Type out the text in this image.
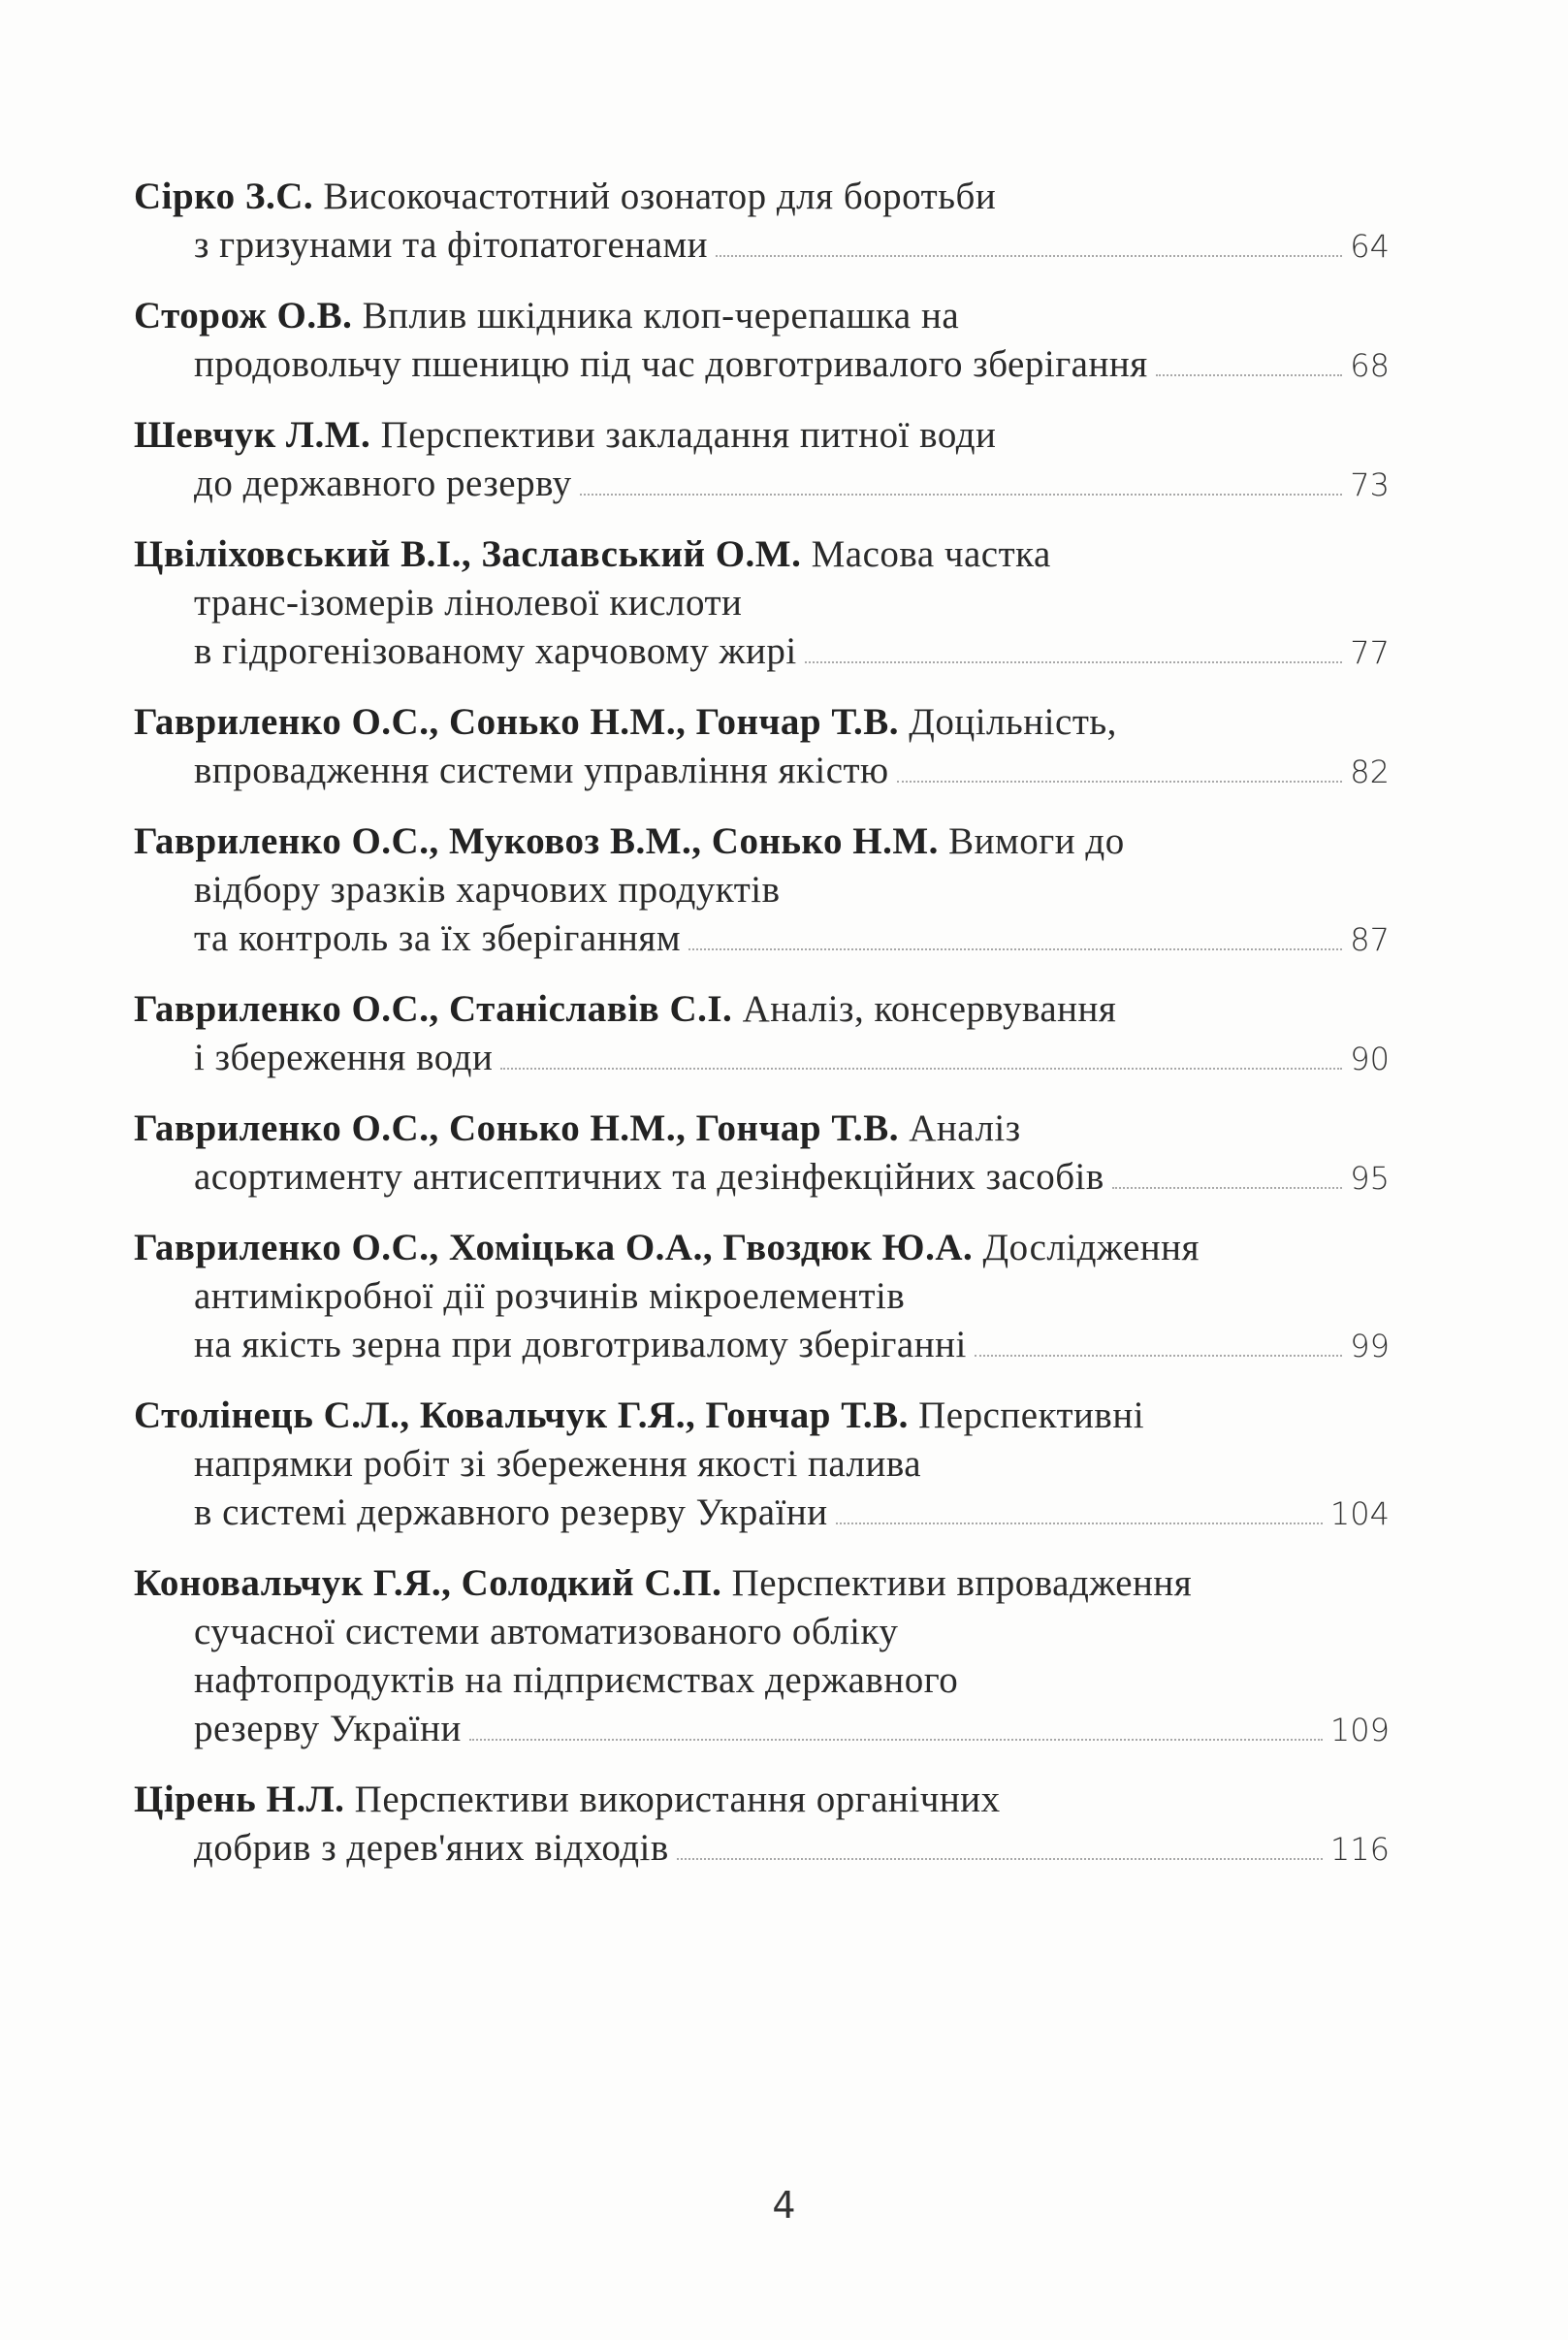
Сірко З.С. Високочастотний озонатор для боротьби
з гризунами та фітопатогенами	64
Сторож О.В. Вплив шкідника клоп-черепашка на
продовольчу пшеницю під час довготривалого зберігання	68
Шевчук Л.М. Перспективи закладання питної води
до державного резерву	73
Цвіліховський В.І., Заславський О.М. Масова частка
транс-ізомерів лінолевої кислоти
в гідрогенізованому харчовому жирі	77
Гавриленко О.С., Сонько Н.М., Гончар Т.В. Доцільність,
впровадження системи управління якістю	82
Гавриленко О.С., Муковоз В.М., Сонько Н.М. Вимоги до
відбору зразків харчових продуктів
та контроль за їх зберіганням	87
Гавриленко О.С., Станіславів С.І. Аналіз, консервування
і збереження води	90
Гавриленко О.С., Сонько Н.М., Гончар Т.В. Аналіз
асортименту антисептичних та дезінфекційних засобів	95
Гавриленко О.С., Хоміцька О.А., Гвоздюк Ю.А. Дослідження
антимікробної дії розчинів мікроелементів
на якість зерна при довготривалому зберіганні	99
Столінець С.Л., Ковальчук Г.Я., Гончар Т.В. Перспективні
напрямки робіт зі збереження якості палива
в системі державного резерву України	104
Коновальчук Г.Я., Солодкий С.П. Перспективи впровадження
сучасної системи автоматизованого обліку
нафтопродуктів на підприємствах державного
резерву України	109
Цірень Н.Л. Перспективи використання органічних
добрив з дерев'яних відходів	116
4
